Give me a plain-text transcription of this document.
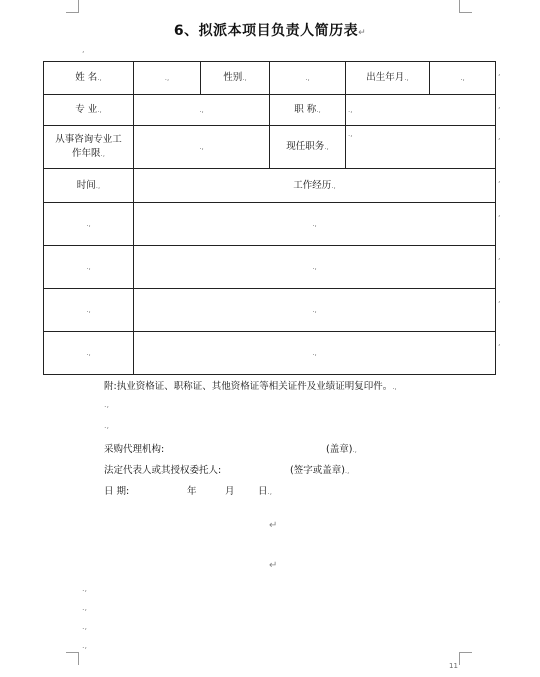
6、拟派本项目负责人简历表↵
,
姓 名.,	.,	性别.,	.,	出生年月.,	.,
专 业.,	.,		职 称.,	.,	

从事咨询专业工
作年限.,	.,		现任职务.,	.,	
时间.,	工作经历.,				
.,	.,				
.,	.,				
.,	.,				
.,	.,				
,
,
,
,
,
,
,
,
附:执业资格证、职称证、其他资格证等相关证件及业绩证明复印件。.,
.,
.,
采购代理机构:	(盖章).,
法定代表人或其授权委托人:	(签字或盖章).,
日 期:	年	月 日.,
↵
↵
.,
.,
.,
.,
11
